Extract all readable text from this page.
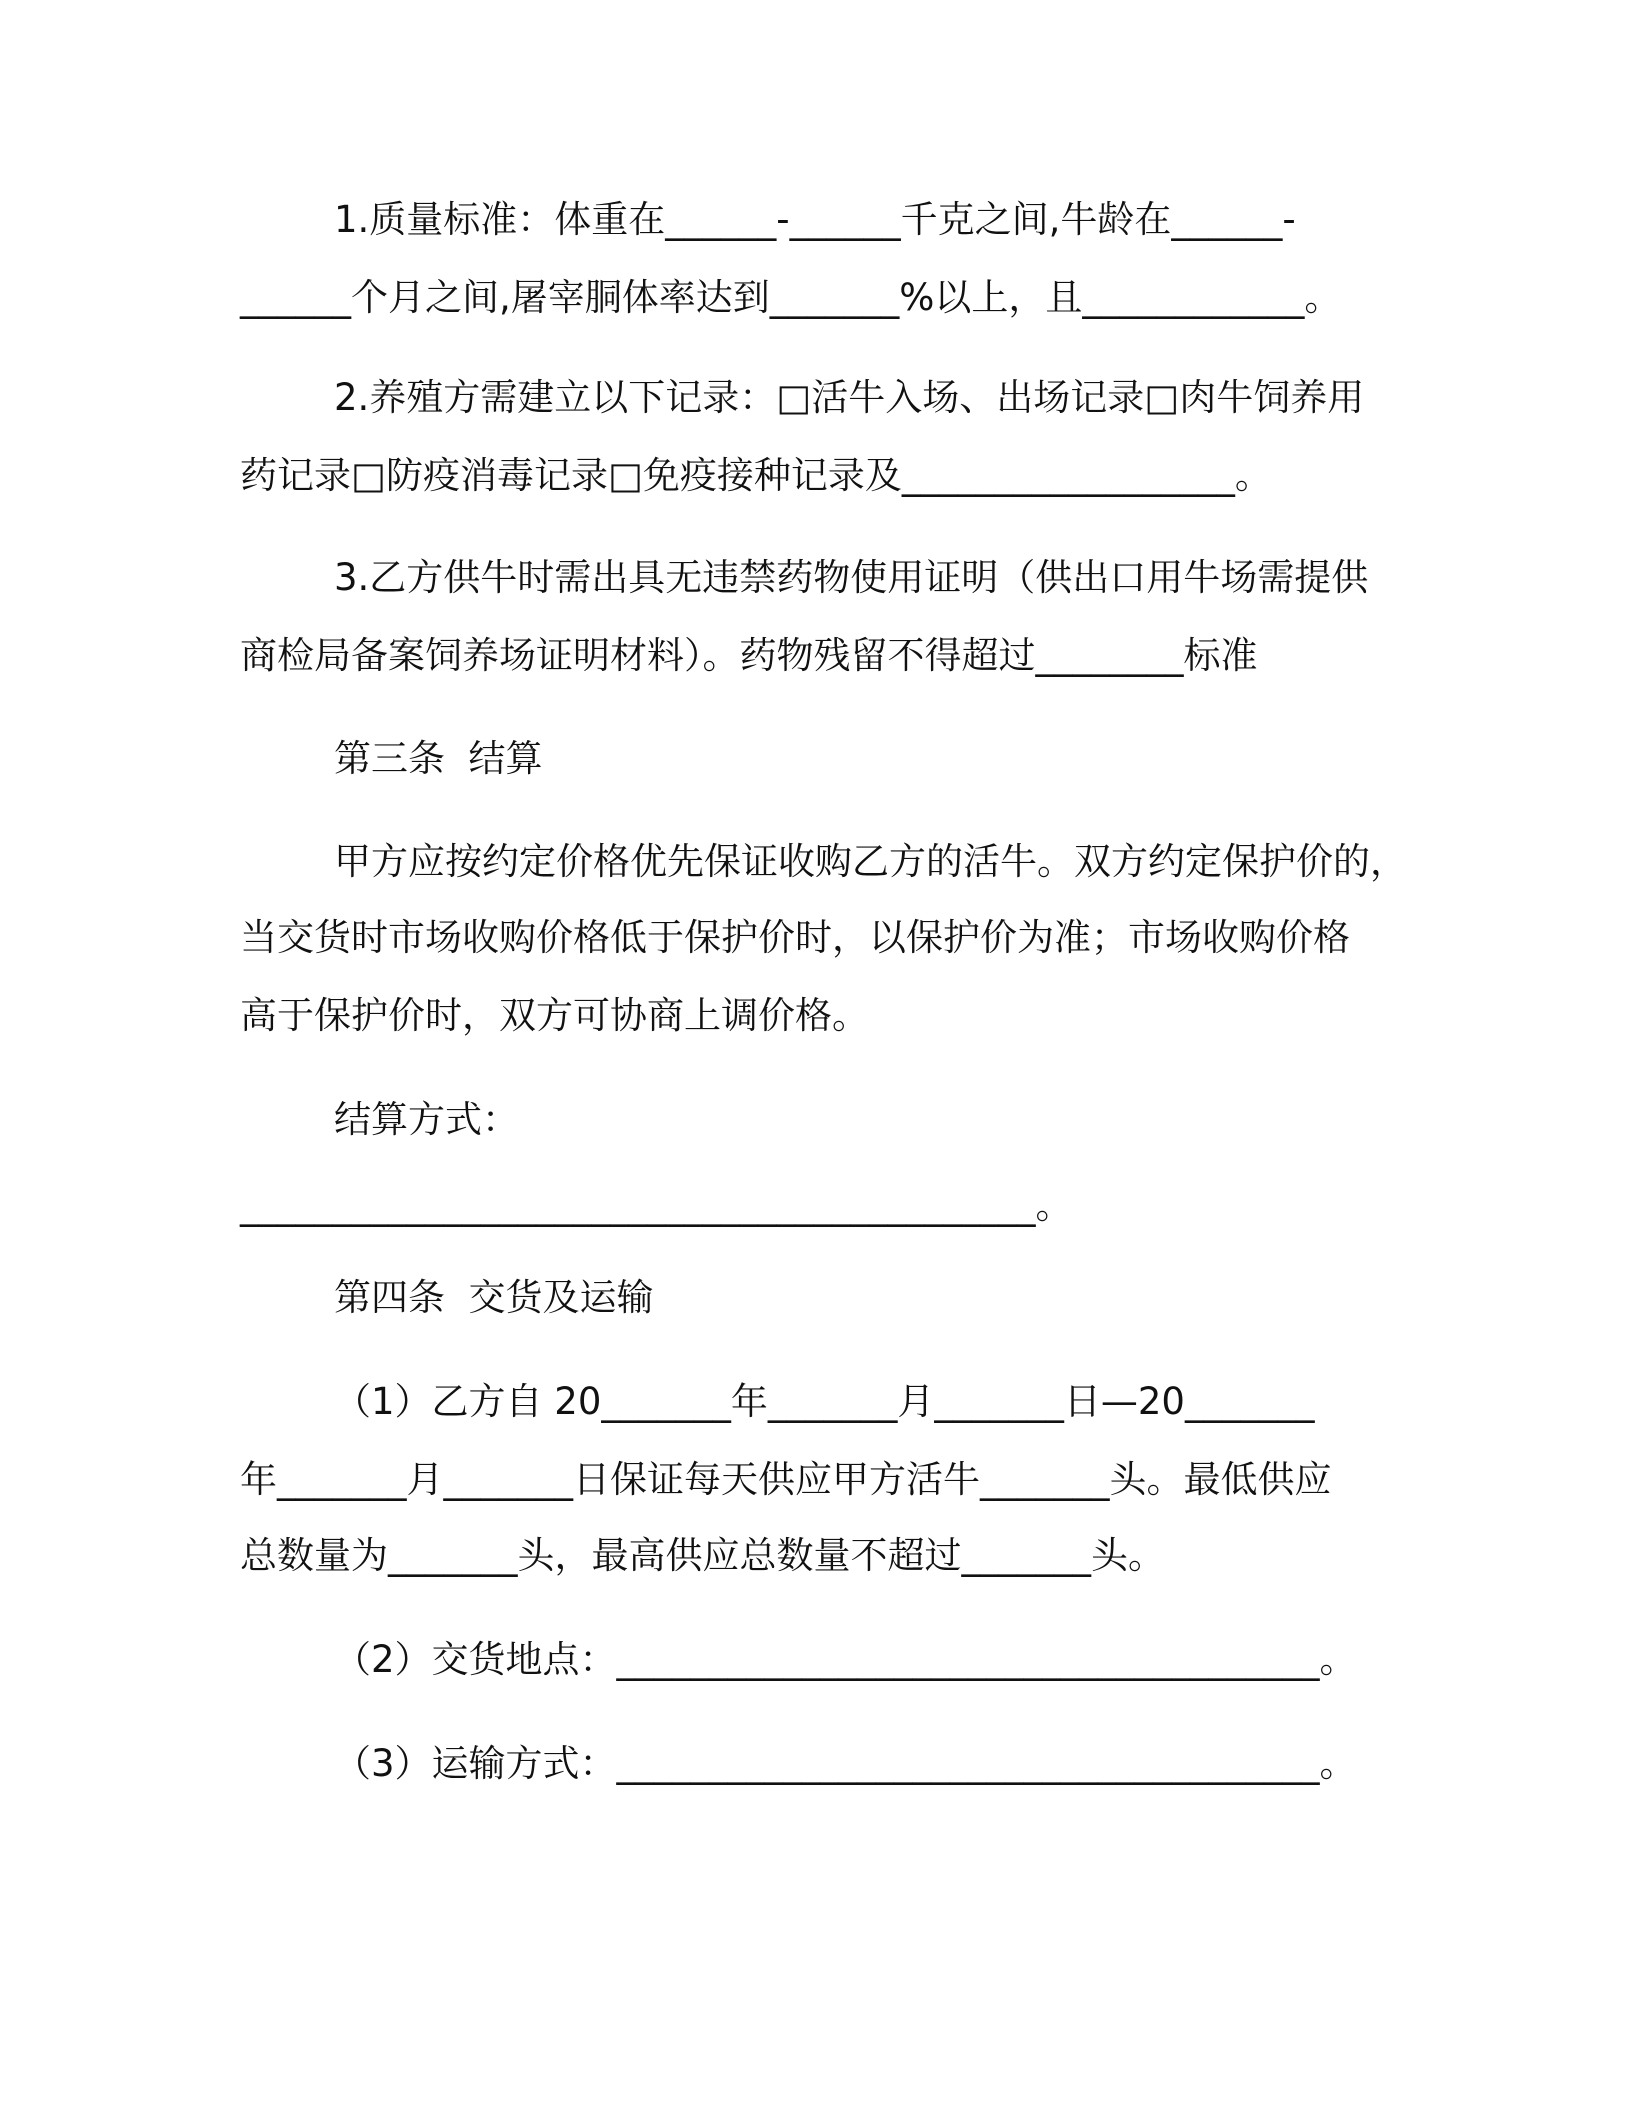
1.质量标准：体重在______-______千克之间,牛龄在______-
______个月之间,屠宰胴体率达到_______%以上，且____________。
2.养殖方需建立以下记录：□活牛入场、出场记录□肉牛饲养用
药记录□防疫消毒记录□免疫接种记录及__________________。
3.乙方供牛时需出具无违禁药物使用证明（供出口用牛场需提供
商检局备案饲养场证明材料）。药物残留不得超过________标准
第三条  结算
甲方应按约定价格优先保证收购乙方的活牛。双方约定保护价的，
当交货时市场收购价格低于保护价时，以保护价为准；市场收购价格
高于保护价时，双方可协商上调价格。
结算方式：
___________________________________________。
第四条  交货及运输
（1）乙方自 20_______年_______月_______日—20_______
年_______月_______日保证每天供应甲方活牛_______头。最低供应
总数量为_______头，最高供应总数量不超过_______头。
（2）交货地点：______________________________________。
（3）运输方式：______________________________________。
